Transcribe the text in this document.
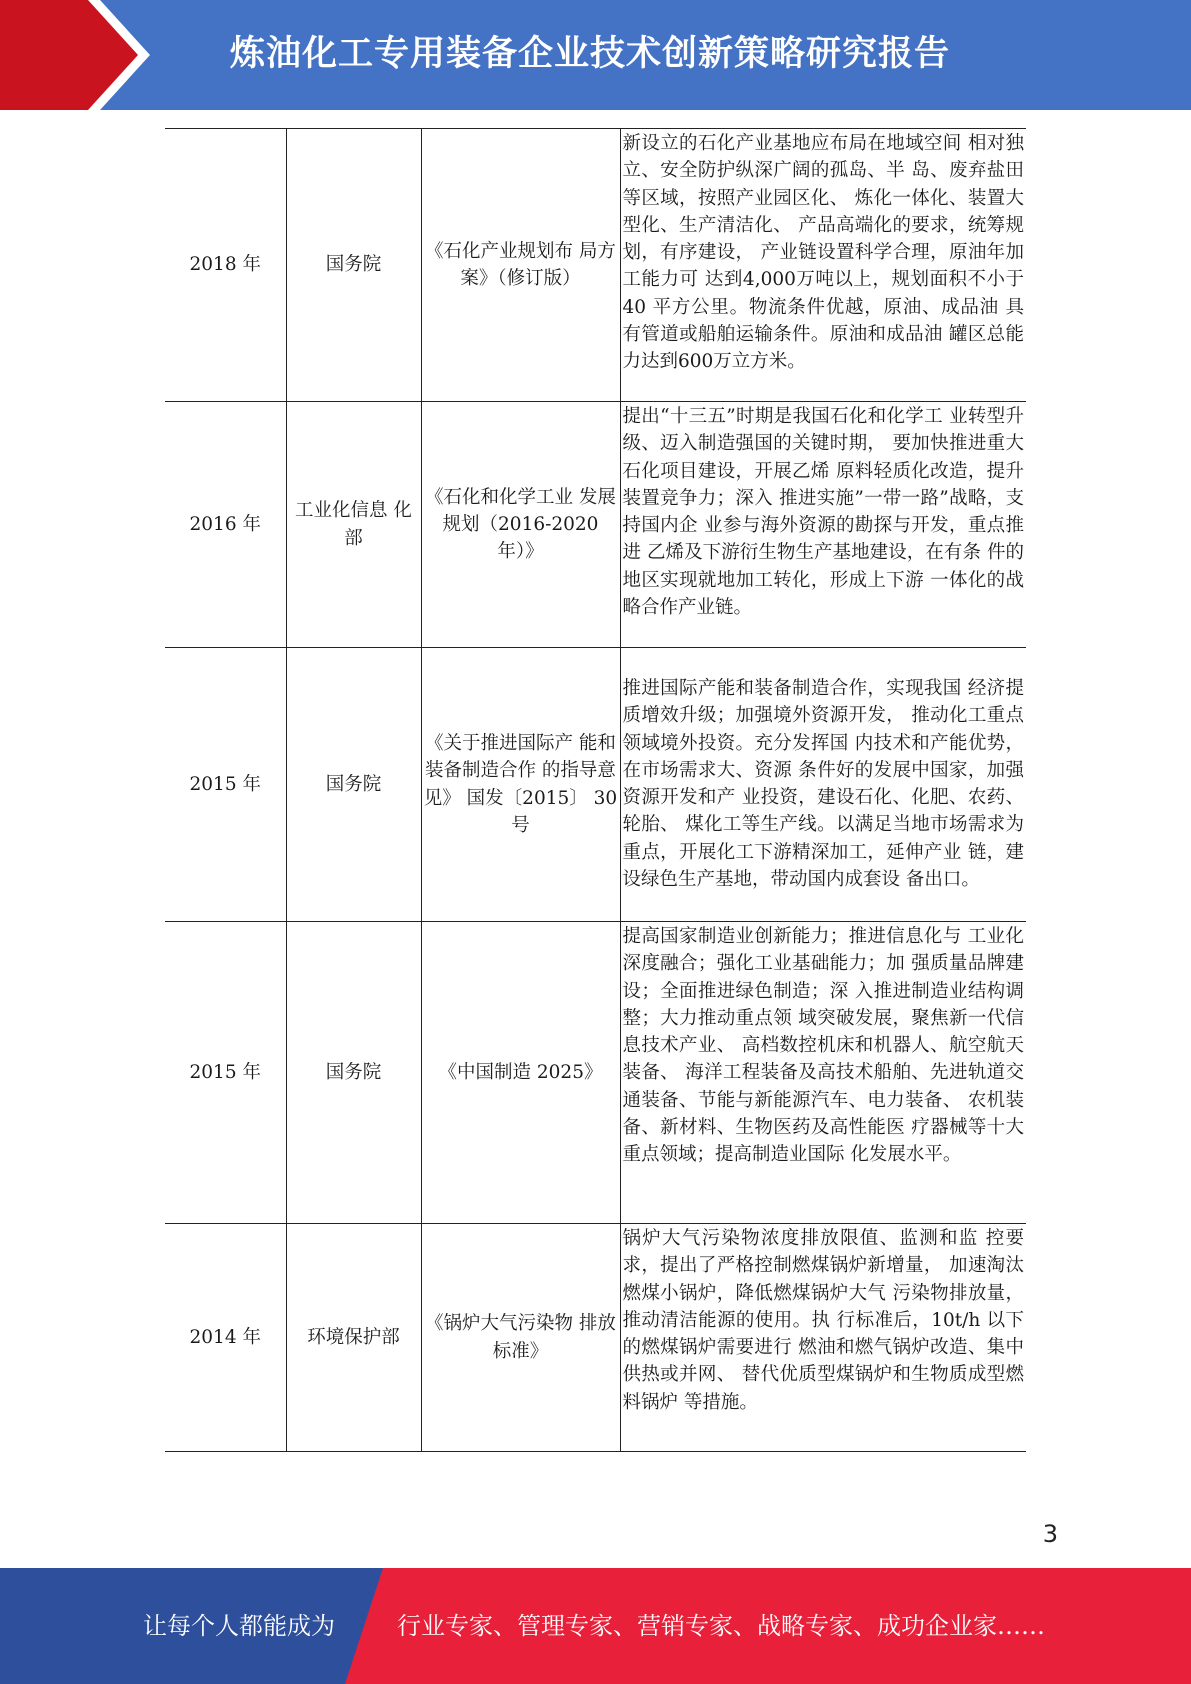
炼油化工专用装备企业技术创新策略研究报告
2018 年	国务院	《石化产业规划布 局方案》（修订版）	新设立的石化产业基地应布局在地域空间 相对独立、安全防护纵深广阔的孤岛、半 岛、废弃盐田等区域，按照产业园区化、 炼化一体化、装置大型化、生产清洁化、 产品高端化的要求，统筹规划，有序建设， 产业链设置科学合理，原油年加工能力可 达到4,000万吨以上，规划面积不小于40 平方公里。物流条件优越，原油、成品油 具有管道或船舶运输条件。原油和成品油 罐区总能力达到600万立方米。
2016 年	工业化信息 化部	《石化和化学工业 发展规划（2016-2020 年）》	提出“十三五”时期是我国石化和化学工 业转型升级、迈入制造强国的关键时期， 要加快推进重大石化项目建设，开展乙烯 原料轻质化改造，提升装置竞争力；深入 推进实施”一带一路”战略，支持国内企 业参与海外资源的勘探与开发，重点推进 乙烯及下游衍生物生产基地建设，在有条 件的地区实现就地加工转化，形成上下游 一体化的战略合作产业链。
2015 年	国务院	《关于推进国际产 能和装备制造合作 的指导意见》 国发〔2015〕 30 号	推进国际产能和装备制造合作，实现我国 经济提质增效升级；加强境外资源开发， 推动化工重点领域境外投资。充分发挥国 内技术和产能优势，在市场需求大、资源 条件好的发展中国家，加强资源开发和产 业投资，建设石化、化肥、农药、轮胎、 煤化工等生产线。以满足当地市场需求为 重点，开展化工下游精深加工，延伸产业 链，建设绿色生产基地，带动国内成套设 备出口。
2015 年	国务院	《中国制造 2025》	提高国家制造业创新能力；推进信息化与 工业化深度融合；强化工业基础能力；加 强质量品牌建设；全面推进绿色制造；深 入推进制造业结构调整；大力推动重点领 域突破发展，聚焦新一代信息技术产业、 高档数控机床和机器人、航空航天装备、 海洋工程装备及高技术船舶、先进轨道交 通装备、节能与新能源汽车、电力装备、 农机装备、新材料、生物医药及高性能医 疗器械等十大重点领域；提高制造业国际 化发展水平。
2014 年	环境保护部	《锅炉大气污染物 排放标准》	锅炉大气污染物浓度排放限值、监测和监 控要求，提出了严格控制燃煤锅炉新增量， 加速淘汰燃煤小锅炉，降低燃煤锅炉大气 污染物排放量，推动清洁能源的使用。执 行标准后，10t/h 以下的燃煤锅炉需要进行 燃油和燃气锅炉改造、集中供热或并网、 替代优质型煤锅炉和生物质成型燃料锅炉 等措施。
3
让每个人都能成为	行业专家、管理专家、营销专家、战略专家、成功企业家……
